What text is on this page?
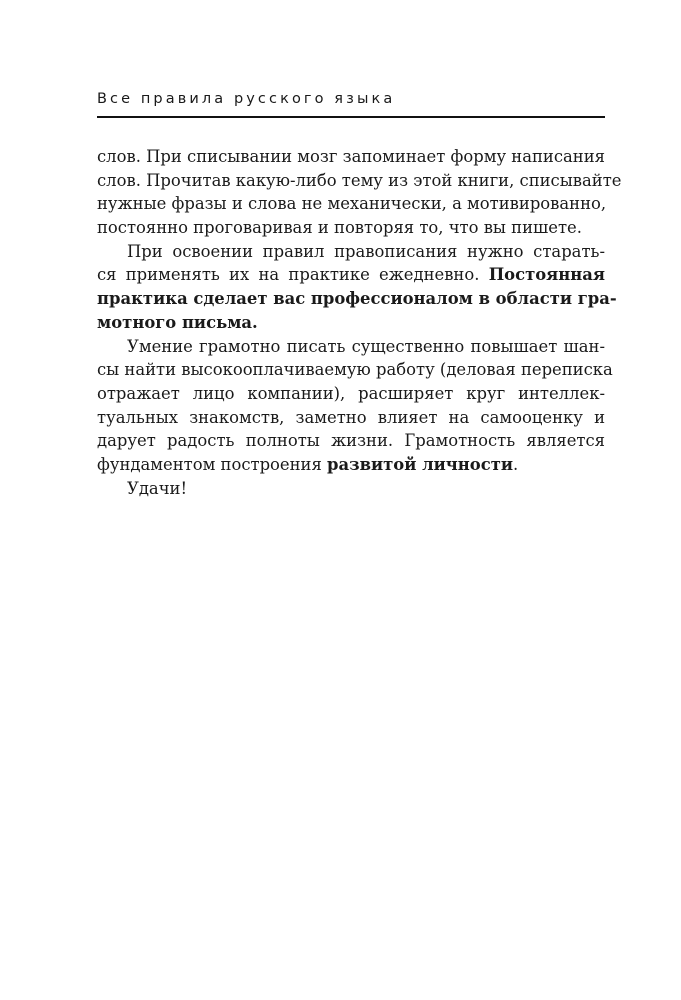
Все правила русского языка
слов. При списывании мозг запоминает форму написания
слов. Прочитав какую-либо тему из этой книги, списывайте
нужные фразы и слова не механически, а мотивированно,
постоянно проговаривая и повторяя то, что вы пишете.
При освоении правил правописания нужно старать-
ся применять их на практике ежедневно. Постоянная
практика сделает вас профессионалом в области гра-
мотного письма.
Умение грамотно писать существенно повышает шан-
сы найти высокооплачиваемую работу (деловая переписка
отражает лицо компании), расширяет круг интеллек-
туальных знакомств, заметно влияет на самооценку и
дарует радость полноты жизни. Грамотность является
фундаментом построения развитой личности.
Удачи!
